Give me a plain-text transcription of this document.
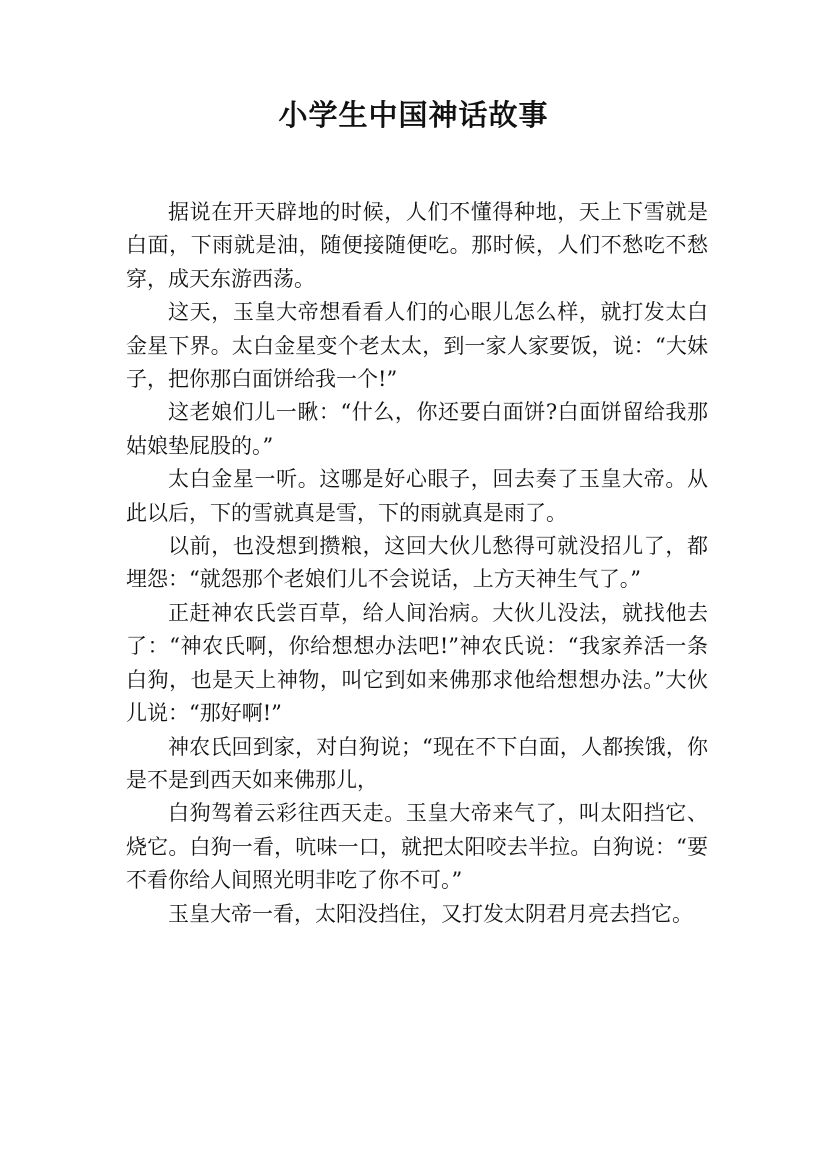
小学生中国神话故事

据说在开天辟地的时候，人们不懂得种地，天上下雪就是白面，下雨就是油，随便接随便吃。那时候，人们不愁吃不愁穿，成天东游西荡。

这天，玉皇大帝想看看人们的心眼儿怎么样，就打发太白金星下界。太白金星变个老太太，到一家人家要饭，说：“大妹子，把你那白面饼给我一个!”

这老娘们儿一瞅：“什么，你还要白面饼?白面饼留给我那姑娘垫屁股的。”

太白金星一听。这哪是好心眼子，回去奏了玉皇大帝。从此以后，下的雪就真是雪，下的雨就真是雨了。

以前，也没想到攒粮，这回大伙儿愁得可就没招儿了，都埋怨：“就怨那个老娘们儿不会说话，上方天神生气了。”

正赶神农氏尝百草，给人间治病。大伙儿没法，就找他去了：“神农氏啊，你给想想办法吧!”神农氏说：“我家养活一条白狗，也是天上神物，叫它到如来佛那求他给想想办法。”大伙儿说：“那好啊!”

神农氏回到家，对白狗说；“现在不下白面，人都挨饿，你是不是到西天如来佛那儿，

白狗驾着云彩往西天走。玉皇大帝来气了，叫太阳挡它、烧它。白狗一看，吭味一口，就把太阳咬去半拉。白狗说：“要不看你给人间照光明非吃了你不可。”

玉皇大帝一看，太阳没挡住，又打发太阴君月亮去挡它。
